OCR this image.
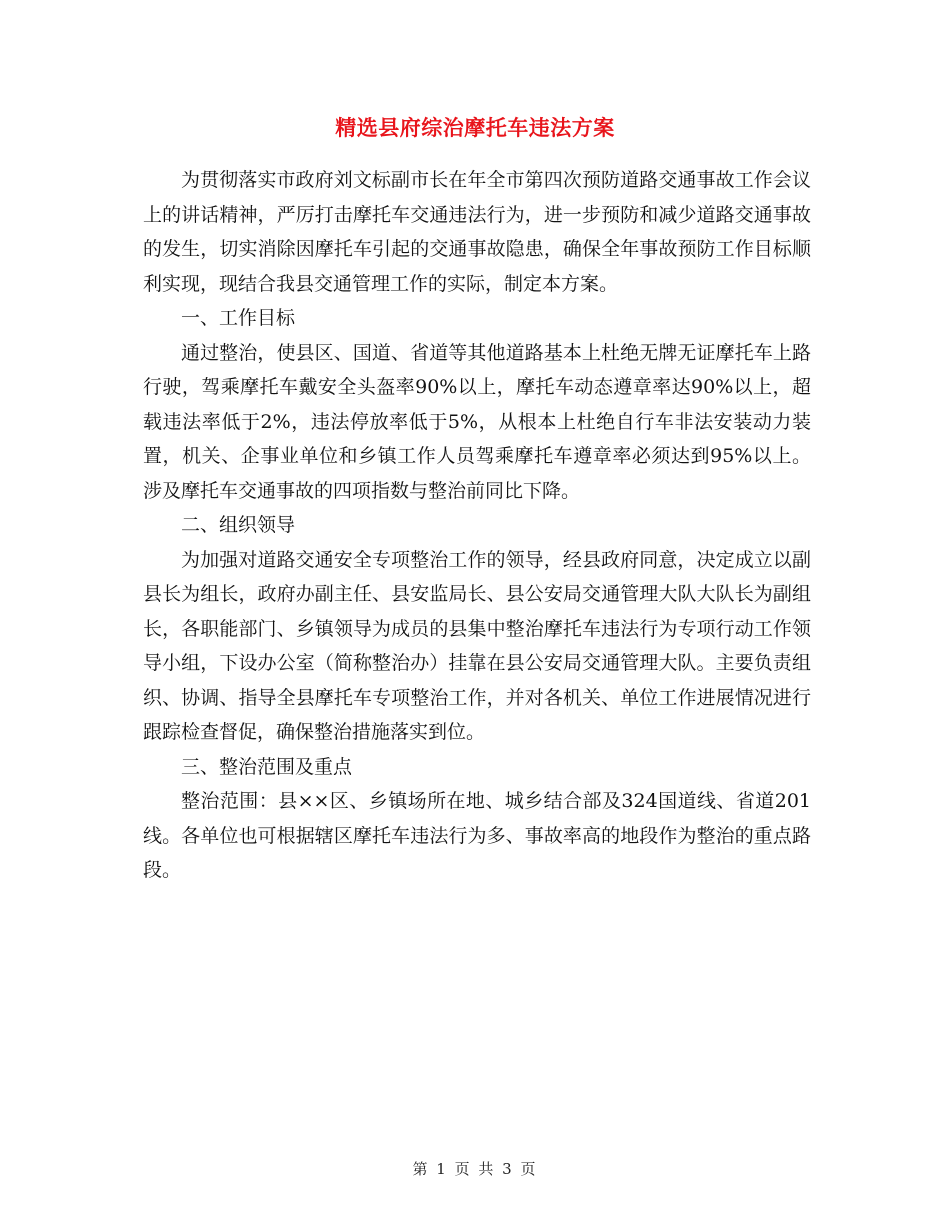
精选县府综治摩托车违法方案

为贯彻落实市政府刘文标副市长在年全市第四次预防道路交通事故工作会议上的讲话精神，严厉打击摩托车交通违法行为，进一步预防和减少道路交通事故的发生，切实消除因摩托车引起的交通事故隐患，确保全年事故预防工作目标顺利实现，现结合我县交通管理工作的实际，制定本方案。

一、工作目标

通过整治，使县区、国道、省道等其他道路基本上杜绝无牌无证摩托车上路行驶，驾乘摩托车戴安全头盔率90%以上，摩托车动态遵章率达90%以上，超载违法率低于2%，违法停放率低于5%，从根本上杜绝自行车非法安装动力装置，机关、企事业单位和乡镇工作人员驾乘摩托车遵章率必须达到95%以上。涉及摩托车交通事故的四项指数与整治前同比下降。

二、组织领导

为加强对道路交通安全专项整治工作的领导，经县政府同意，决定成立以副县长为组长，政府办副主任、县安监局长、县公安局交通管理大队大队长为副组长，各职能部门、乡镇领导为成员的县集中整治摩托车违法行为专项行动工作领导小组，下设办公室（简称整治办）挂靠在县公安局交通管理大队。主要负责组织、协调、指导全县摩托车专项整治工作，并对各机关、单位工作进展情况进行跟踪检查督促，确保整治措施落实到位。

三、整治范围及重点

整治范围：县××区、乡镇场所在地、城乡结合部及324国道线、省道201线。各单位也可根据辖区摩托车违法行为多、事故率高的地段作为整治的重点路段。

第 1 页 共 3 页
